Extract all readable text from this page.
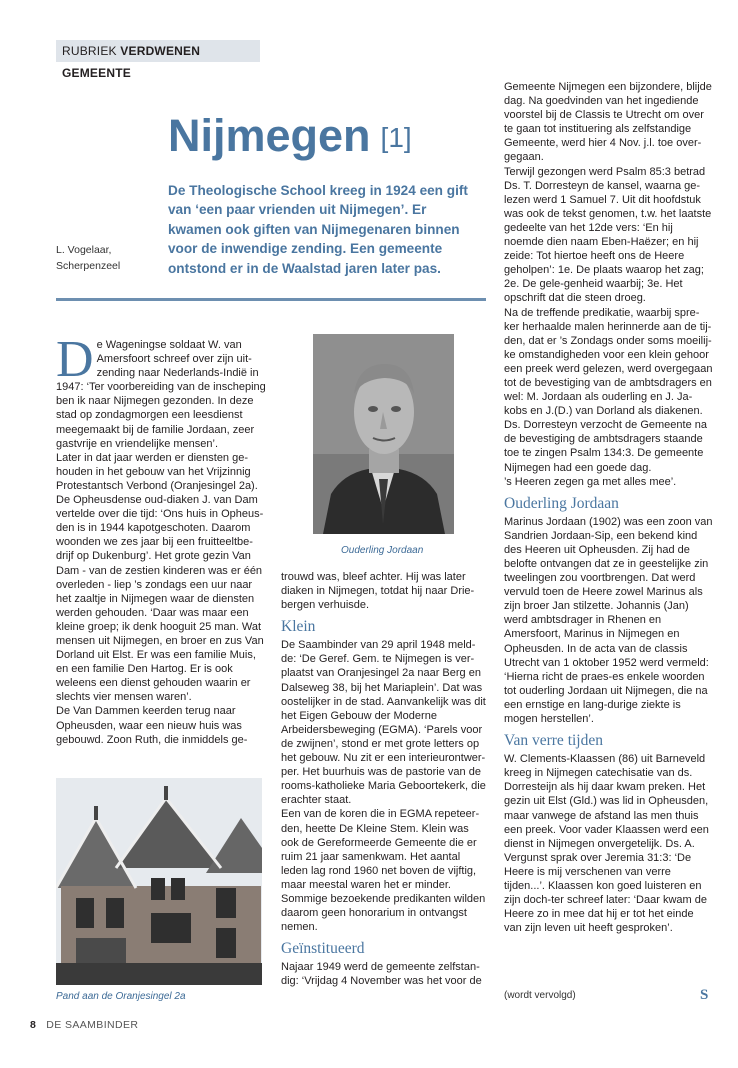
RUBRIEK VERDWENEN GEMEENTE
Nijmegen [1]
De Theologische School kreeg in 1924 een gift van ‘een paar vrienden uit Nijmegen’. Er kwamen ook giften van Nijmegenaren binnen voor de inwendige zending. Een gemeente ontstond er in de Waalstad jaren later pas.
L. Vogelaar,
Scherpenzeel

De Wageningse soldaat W. van Amersfoort schreef over zijn uit-zending naar Nederlands-Indië in 1947: ‘Ter voorbereiding van de inscheping ben ik naar Nijmegen gezonden. In deze stad op zondagmorgen een leesdienst meegemaakt bij de familie Jordaan, zeer gastvrije en vriendelijke mensen’.

Later in dat jaar werden er diensten ge-houden in het gebouw van het Vrijzinnig Protestantsch Verbond (Oranjesingel 2a).

De Opheusdense oud-diaken J. van Dam vertelde over die tijd: ‘Ons huis in Opheus-den is in 1944 kapotgeschoten. Daarom woonden we zes jaar bij een fruitteeltbe-drijf op Dukenburg’. Het grote gezin Van Dam - van de zestien kinderen was er één overleden - liep ’s zondags een uur naar het zaaltje in Nijmegen waar de diensten werden gehouden. ‘Daar was maar een kleine groep; ik denk hooguit 25 man. Wat mensen uit Nijmegen, en broer en zus Van Dorland uit Elst. Er was een familie Muis, en een familie Den Hartog. Er is ook weleens een dienst gehouden waarin er slechts vier mensen waren’.

De Van Dammen keerden terug naar Opheusden, waar een nieuw huis was gebouwd. Zoon Ruth, die inmiddels ge-

Ouderling Jordaan

trouwd was, bleef achter. Hij was later diaken in Nijmegen, totdat hij naar Drie-bergen verhuisde.

Klein

De Saambinder van 29 april 1948 meld-de: ‘De Geref. Gem. te Nijmegen is ver-plaatst van Oranjesingel 2a naar Berg en Dalseweg 38, bij het Mariaplein’. Dat was oostelijker in de stad. Aanvankelijk was dit het Eigen Gebouw der Moderne Arbeidersbeweging (EGMA). ‘Parels voor de zwijnen’, stond er met grote letters op het gebouw. Nu zit er een interieurontwer-per. Het buurhuis was de pastorie van de rooms-katholieke Maria Geboortekerk, die erachter staat.

Een van de koren die in EGMA repeteer-den, heette De Kleine Stem. Klein was ook de Gereformeerde Gemeente die er ruim 21 jaar samenkwam. Het aantal leden lag rond 1960 net boven de vijftig, maar meestal waren het er minder. Sommige bezoekende predikanten wilden daarom geen honorarium in ontvangst nemen.

Geïnstitueerd

Najaar 1949 werd de gemeente zelfstan-dig: ‘Vrijdag 4 November was het voor de

Pand aan de Oranjesingel 2a

Gemeente Nijmegen een bijzondere, blijde dag. Na goedvinden van het ingediende voorstel bij de Classis te Utrecht om over te gaan tot instituering als zelfstandige Gemeente, werd hier 4 Nov. j.l. toe over-gegaan.

Terwijl gezongen werd Psalm 85:3 betrad Ds. T. Dorresteyn de kansel, waarna ge-lezen werd 1 Samuel 7. Uit dit hoofdstuk was ook de tekst genomen, t.w. het laatste gedeelte van het 12de vers: ‘En hij noemde dien naam Eben-Haëzer; en hij zeide: Tot hiertoe heeft ons de Heere geholpen’: 1e. De plaats waarop het zag; 2e. De gele-genheid waarbij; 3e. Het opschrift dat die steen droeg.

Na de treffende predikatie, waarbij spre-ker herhaalde malen herinnerde aan de tij-den, dat er ’s Zondags onder soms moeilij-ke omstandigheden voor een klein gehoor een preek werd gelezen, werd overgegaan tot de bevestiging van de ambtsdragers en wel: M. Jordaan als ouderling en J. Ja-kobs en J.(D.) van Dorland als diakenen.

Ds. Dorresteyn verzocht de Gemeente na de bevestiging de ambtsdragers staande toe te zingen Psalm 134:3. De gemeente Nijmegen had een goede dag.

’s Heeren zegen ga met alles mee’.

Ouderling Jordaan

Marinus Jordaan (1902) was een zoon van Sandrien Jordaan-Sip, een bekend kind des Heeren uit Opheusden. Zij had de belofte ontvangen dat ze in geestelijke zin tweelingen zou voortbrengen. Dat werd vervuld toen de Heere zowel Marinus als zijn broer Jan stilzette. Johannis (Jan) werd ambtsdrager in Rhenen en Amersfoort, Marinus in Nijmegen en Opheusden. In de acta van de classis Utrecht van 1 oktober 1952 werd vermeld: ‘Hierna richt de praes-es enkele woorden tot ouderling Jordaan uit Nijmegen, die na een ernstige en lang-durige ziekte is mogen herstellen’.

Van verre tijden

W. Clements-Klaassen (86) uit Barneveld kreeg in Nijmegen catechisatie van ds. Dorresteijn als hij daar kwam preken. Het gezin uit Elst (Gld.) was lid in Opheusden, maar vanwege de afstand las men thuis een preek. Voor vader Klaassen werd een dienst in Nijmegen onvergetelijk. Ds. A. Vergunst sprak over Jeremia 31:3: ‘De Heere is mij verschenen van verre tijden...’. Klaassen kon goed luisteren en zijn doch-ter schreef later: ‘Daar kwam de Heere zo in mee dat hij er tot het einde van zijn leven uit heeft gesproken’.

(wordt vervolgd)	S
8 DE SAAMBINDER
